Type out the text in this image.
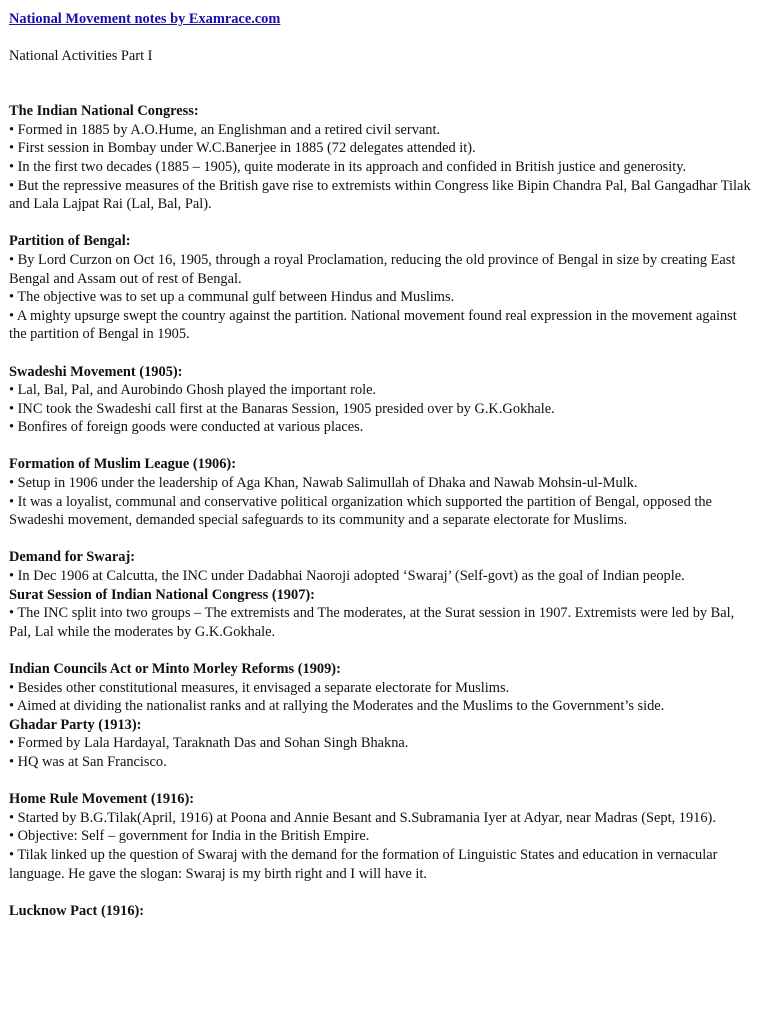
National Movement notes by Examrace.com
National Activities Part I
The Indian National Congress:
• Formed in 1885 by A.O.Hume, an Englishman and a retired civil servant.
• First session in Bombay under W.C.Banerjee in 1885 (72 delegates attended it).
• In the first two decades (1885 – 1905), quite moderate in its approach and confided in British justice and generosity.
• But the repressive measures of the British gave rise to extremists within Congress like Bipin Chandra Pal, Bal Gangadhar Tilak and Lala Lajpat Rai (Lal, Bal, Pal).
Partition of Bengal:
• By Lord Curzon on Oct 16, 1905, through a royal Proclamation, reducing the old province of Bengal in size by creating East Bengal and Assam out of rest of Bengal.
• The objective was to set up a communal gulf between Hindus and Muslims.
• A mighty upsurge swept the country against the partition. National movement found real expression in the movement against the partition of Bengal in 1905.
Swadeshi Movement (1905):
• Lal, Bal, Pal, and Aurobindo Ghosh played the important role.
• INC took the Swadeshi call first at the Banaras Session, 1905 presided over by G.K.Gokhale.
• Bonfires of foreign goods were conducted at various places.
Formation of Muslim League (1906):
• Setup in 1906 under the leadership of Aga Khan, Nawab Salimullah of Dhaka and Nawab Mohsin-ul-Mulk.
• It was a loyalist, communal and conservative political organization which supported the partition of Bengal, opposed the Swadeshi movement, demanded special safeguards to its community and a separate electorate for Muslims.
Demand for Swaraj:
• In Dec 1906 at Calcutta, the INC under Dadabhai Naoroji adopted ‘Swaraj’ (Self-govt) as the goal of Indian people.
Surat Session of Indian National Congress (1907):
• The INC split into two groups – The extremists and The moderates, at the Surat session in 1907. Extremists were led by Bal, Pal, Lal while the moderates by G.K.Gokhale.
Indian Councils Act or Minto Morley Reforms (1909):
• Besides other constitutional measures, it envisaged a separate electorate for Muslims.
• Aimed at dividing the nationalist ranks and at rallying the Moderates and the Muslims to the Government’s side.
Ghadar Party (1913):
• Formed by Lala Hardayal, Taraknath Das and Sohan Singh Bhakna.
• HQ was at San Francisco.
Home Rule Movement (1916):
• Started by B.G.Tilak(April, 1916) at Poona and Annie Besant and S.Subramania Iyer at Adyar, near Madras (Sept, 1916).
• Objective: Self – government for India in the British Empire.
• Tilak linked up the question of Swaraj with the demand for the formation of Linguistic States and education in vernacular language. He gave the slogan: Swaraj is my birth right and I will have it.
Lucknow Pact (1916):
